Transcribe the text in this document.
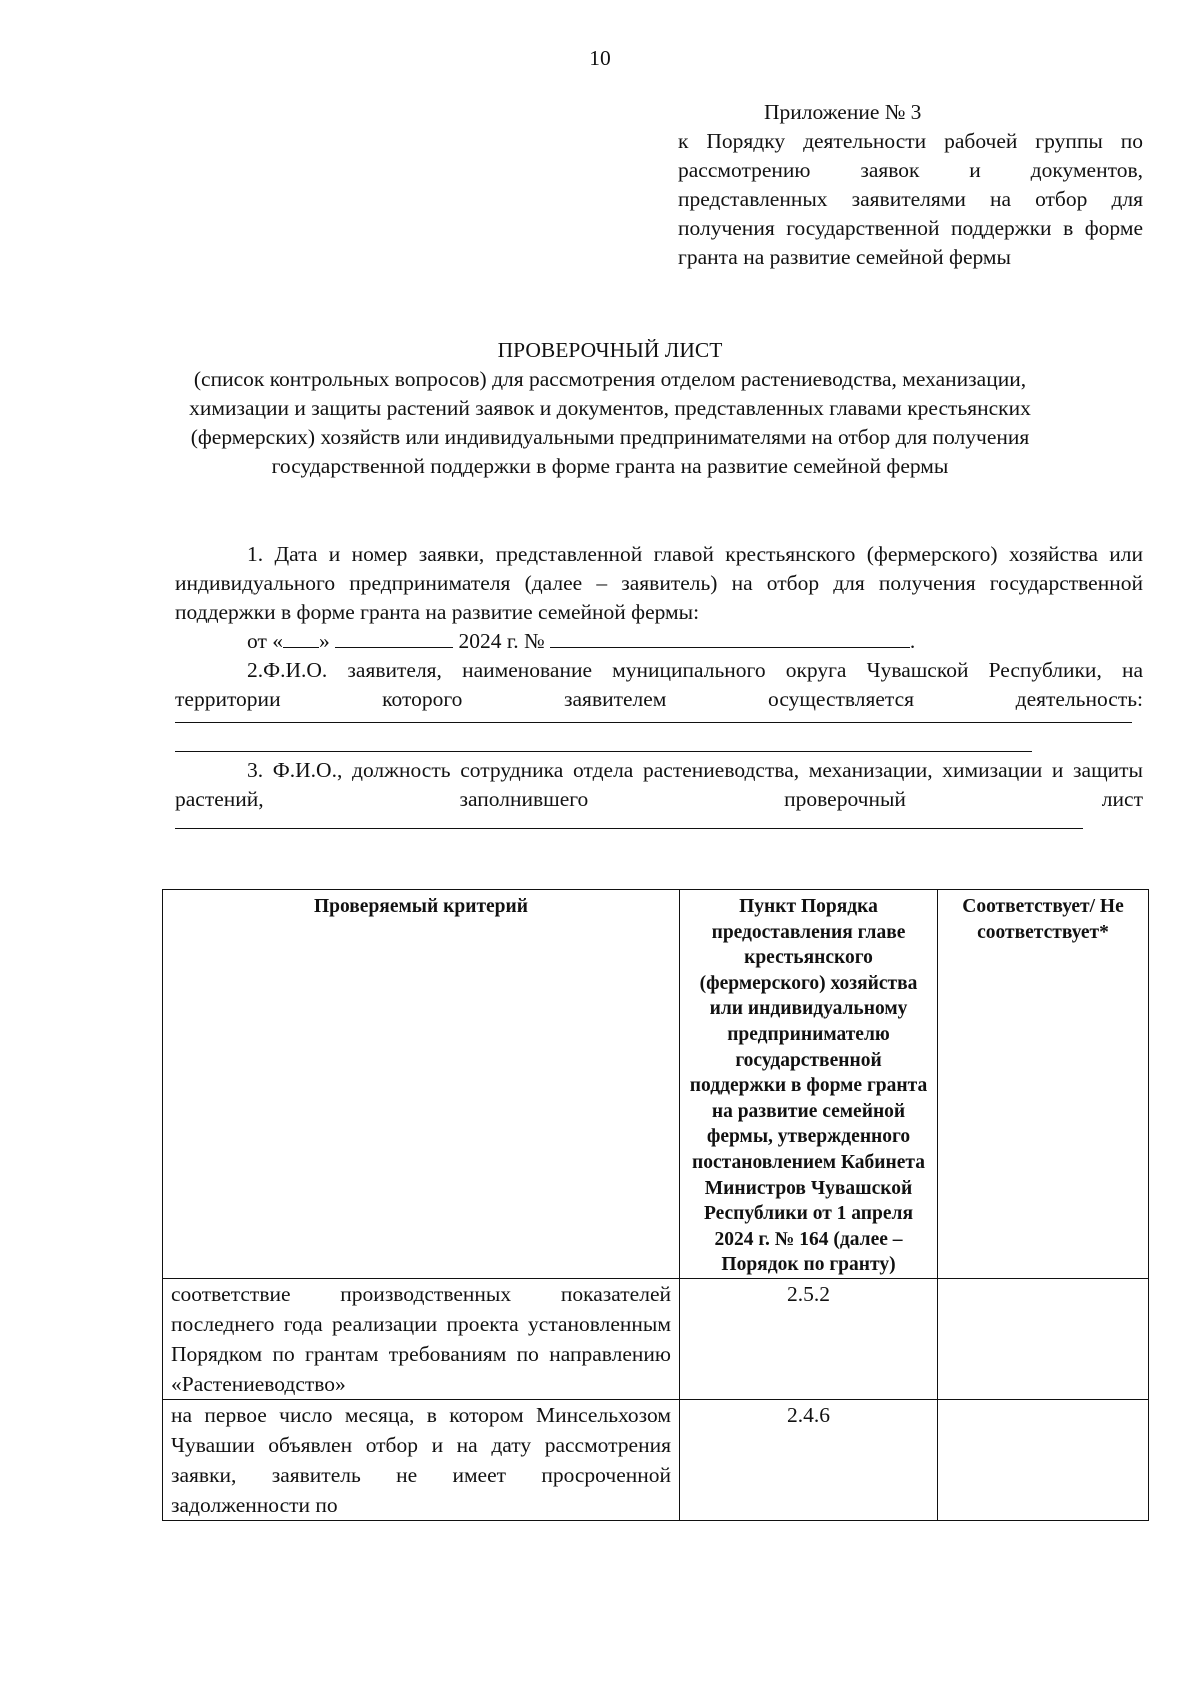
10
Приложение № 3
к Порядку деятельности рабочей группы по рассмотрению заявок и документов, представленных заявителями на отбор для получения государственной поддержки в форме гранта на развитие семейной фермы
ПРОВЕРОЧНЫЙ ЛИСТ
(список контрольных вопросов) для рассмотрения отделом растениеводства, механизации, химизации и защиты растений заявок и документов, представленных главами крестьянских (фермерских) хозяйств или индивидуальными предпринимателями на отбор для получения государственной поддержки в форме гранта на развитие семейной фермы
1. Дата и номер заявки, представленной главой крестьянского (фермерского) хозяйства или индивидуального предпринимателя (далее – заявитель) на отбор для получения государственной поддержки в форме гранта на развитие семейной фермы:
от « »	2024 г. №	.
2.Ф.И.О. заявителя, наименование муниципального округа Чувашской Республики, на территории которого заявителем осуществляется деятельность:
3. Ф.И.О., должность сотрудника отдела растениеводства, механизации, химизации и защиты растений, заполнившего проверочный лист
Проверяемый критерий	Пункт Порядка предоставления главе крестьянского (фермерского) хозяйства или индивидуальному предпринимателю государственной поддержки в форме гранта на развитие семейной фермы, утвержденного постановлением Кабинета Министров Чувашской Республики от 1 апреля 2024 г. № 164 (далее – Порядок по гранту)	Соответствует/ Не соответствует*
соответствие производственных показателей последнего года реализации проекта установленным Порядком по грантам требованиям по направлению «Растениеводство»	2.5.2	
на первое число месяца, в котором Минсельхозом Чувашии объявлен отбор и на дату рассмотрения заявки, заявитель не имеет просроченной задолженности по	2.4.6	
